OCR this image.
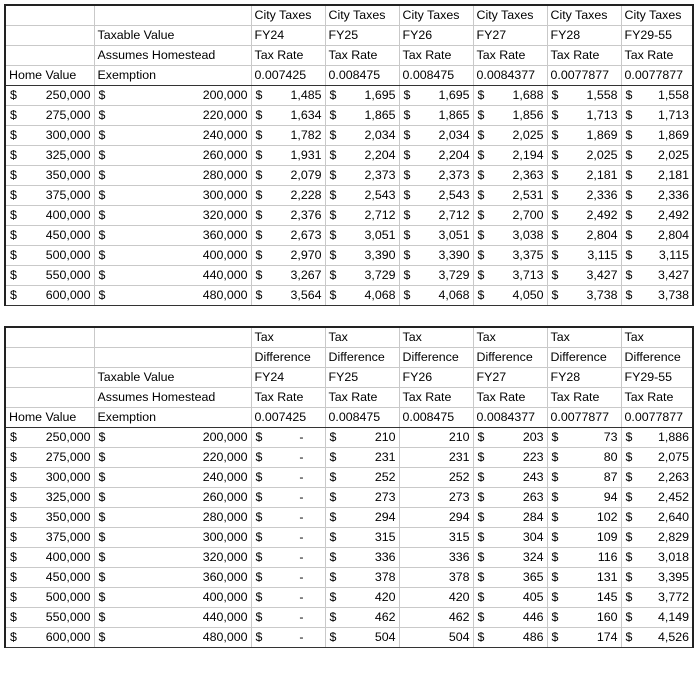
		City Taxes	City Taxes	City Taxes	City Taxes	City Taxes	City Taxes
	Taxable Value	FY24	FY25	FY26	FY27	FY28	FY29-55
	Assumes Homestead	Tax Rate	Tax Rate	Tax Rate	Tax Rate	Tax Rate	Tax Rate
Home Value	Exemption	0.007425	0.008475	0.008475	0.0084377	0.0077877	0.0077877

$ 250,000	$ 200,000	$ 1,485	$ 1,695	$ 1,695	$ 1,688	$ 1,558	$ 1,558

$ 275,000	$ 220,000	$ 1,634	$ 1,865	$ 1,865	$ 1,856	$ 1,713	$ 1,713

$ 300,000	$ 240,000	$ 1,782	$ 2,034	$ 2,034	$ 2,025	$ 1,869	$ 1,869

$ 325,000	$ 260,000	$ 1,931	$ 2,204	$ 2,204	$ 2,194	$ 2,025	$ 2,025

$ 350,000	$ 280,000	$ 2,079	$ 2,373	$ 2,373	$ 2,363	$ 2,181	$ 2,181

$ 375,000	$ 300,000	$ 2,228	$ 2,543	$ 2,543	$ 2,531	$ 2,336	$ 2,336

$ 400,000	$ 320,000	$ 2,376	$ 2,712	$ 2,712	$ 2,700	$ 2,492	$ 2,492

$ 450,000	$ 360,000	$ 2,673	$ 3,051	$ 3,051	$ 3,038	$ 2,804	$ 2,804

$ 500,000	$ 400,000	$ 2,970	$ 3,390	$ 3,390	$ 3,375	$ 3,115	$ 3,115

$ 550,000	$ 440,000	$ 3,267	$ 3,729	$ 3,729	$ 3,713	$ 3,427	$ 3,427

$ 600,000	$ 480,000	$ 3,564	$ 4,068	$ 4,068	$ 4,050	$ 3,738	$ 3,738
		Tax	Tax	Tax	Tax	Tax	Tax
		Difference	Difference	Difference	Difference	Difference	Difference
	Taxable Value	FY24	FY25	FY26	FY27	FY28	FY29-55
	Assumes Homestead	Tax Rate	Tax Rate	Tax Rate	Tax Rate	Tax Rate	Tax Rate
Home Value	Exemption	0.007425	0.008475	0.008475	0.0084377	0.0077877	0.0077877

$ 250,000	$ 200,000	$ -	$ 210	210	$ 203	$ 73	$ 1,886

$ 275,000	$ 220,000	$ -	$ 231	231	$ 223	$ 80	$ 2,075

$ 300,000	$ 240,000	$ -	$ 252	252	$ 243	$ 87	$ 2,263

$ 325,000	$ 260,000	$ -	$ 273	273	$ 263	$ 94	$ 2,452

$ 350,000	$ 280,000	$ -	$ 294	294	$ 284	$ 102	$ 2,640

$ 375,000	$ 300,000	$ -	$ 315	315	$ 304	$ 109	$ 2,829

$ 400,000	$ 320,000	$ -	$ 336	336	$ 324	$ 116	$ 3,018

$ 450,000	$ 360,000	$ -	$ 378	378	$ 365	$ 131	$ 3,395

$ 500,000	$ 400,000	$ -	$ 420	420	$ 405	$ 145	$ 3,772

$ 550,000	$ 440,000	$ -	$ 462	462	$ 446	$ 160	$ 4,149

$ 600,000	$ 480,000	$ -	$ 504	504	$ 486	$ 174	$ 4,526
